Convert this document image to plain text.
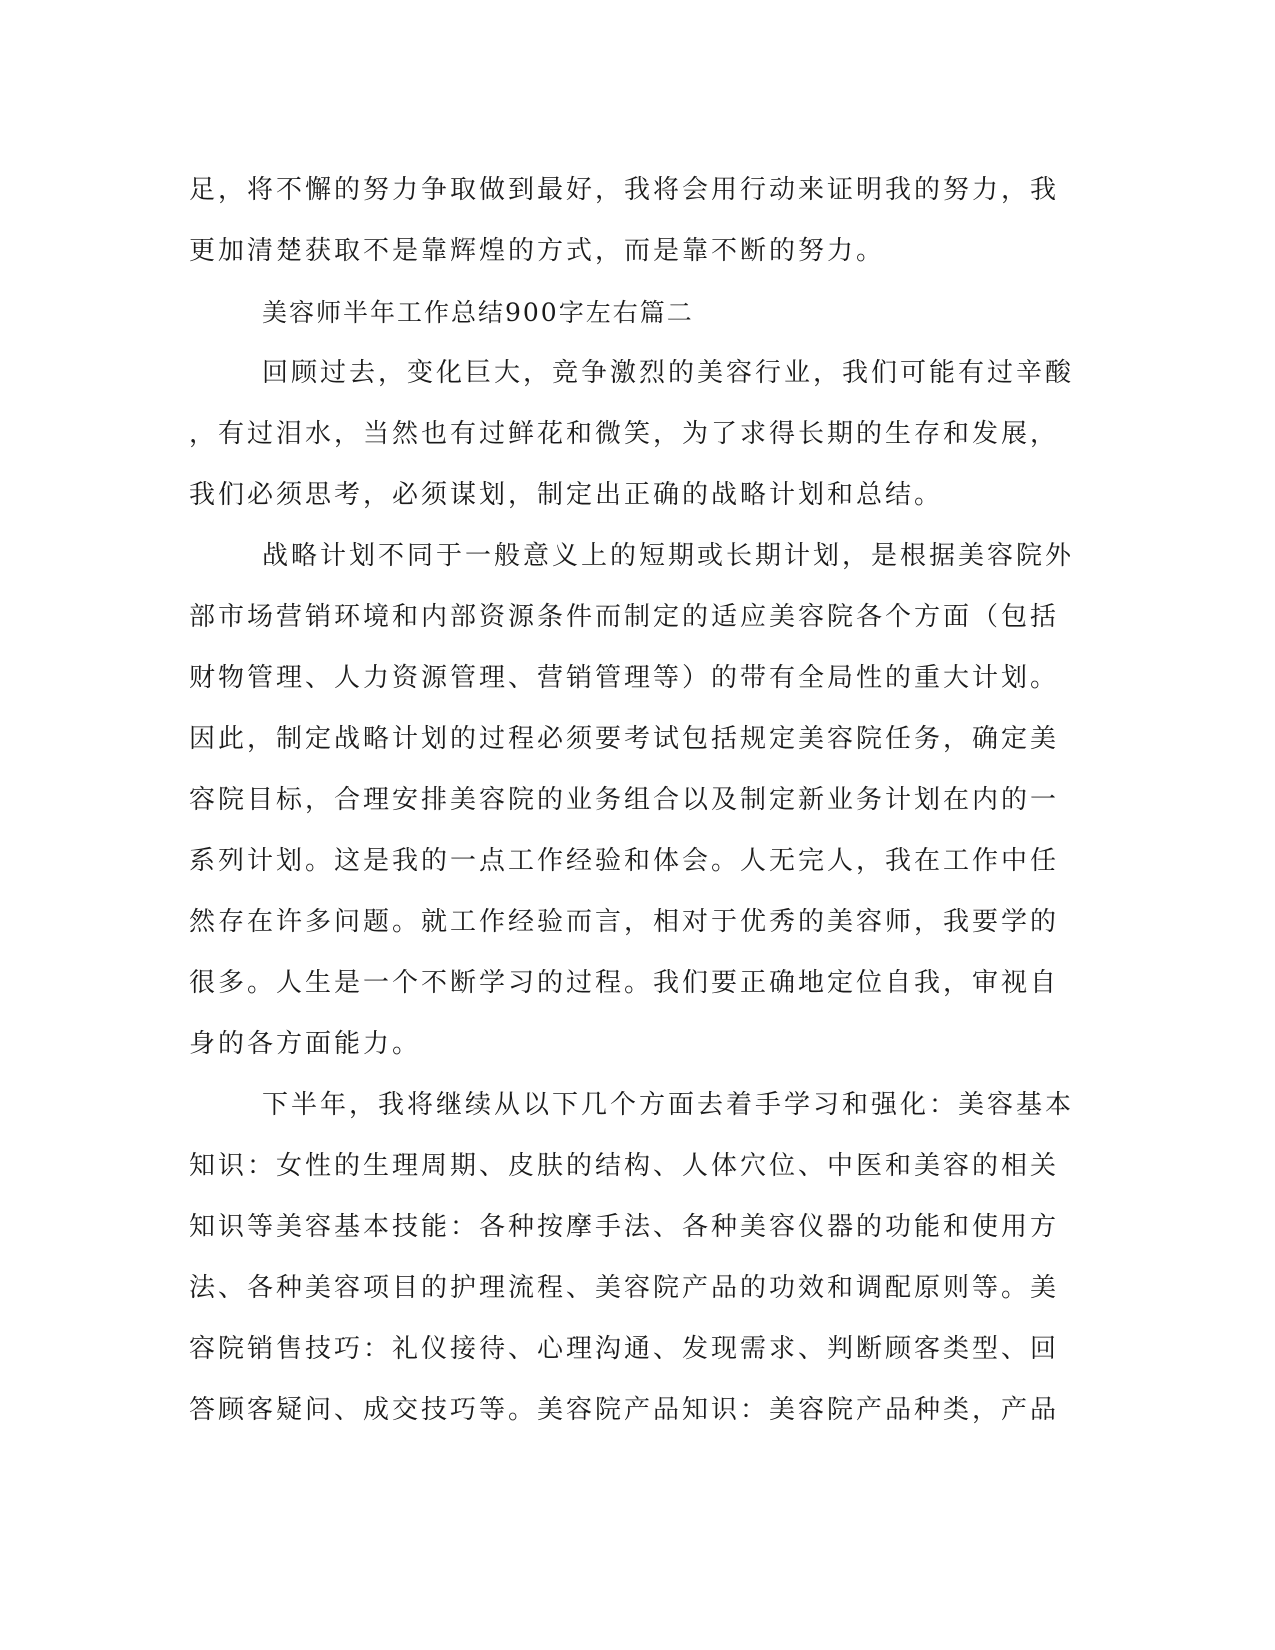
足，将不懈的努力争取做到最好，我将会用行动来证明我的努力，我
更加清楚获取不是靠辉煌的方式，而是靠不断的努力。
美容师半年工作总结900字左右篇二
回顾过去，变化巨大，竞争激烈的美容行业，我们可能有过辛酸
，有过泪水，当然也有过鲜花和微笑，为了求得长期的生存和发展，
我们必须思考，必须谋划，制定出正确的战略计划和总结。
战略计划不同于一般意义上的短期或长期计划，是根据美容院外
部市场营销环境和内部资源条件而制定的适应美容院各个方面（包括
财物管理、人力资源管理、营销管理等）的带有全局性的重大计划。
因此，制定战略计划的过程必须要考试包括规定美容院任务，确定美
容院目标，合理安排美容院的业务组合以及制定新业务计划在内的一
系列计划。这是我的一点工作经验和体会。人无完人，我在工作中任
然存在许多问题。就工作经验而言，相对于优秀的美容师，我要学的
很多。人生是一个不断学习的过程。我们要正确地定位自我，审视自
身的各方面能力。
下半年，我将继续从以下几个方面去着手学习和强化：美容基本
知识：女性的生理周期、皮肤的结构、人体穴位、中医和美容的相关
知识等美容基本技能：各种按摩手法、各种美容仪器的功能和使用方
法、各种美容项目的护理流程、美容院产品的功效和调配原则等。美
容院销售技巧：礼仪接待、心理沟通、发现需求、判断顾客类型、回
答顾客疑问、成交技巧等。美容院产品知识：美容院产品种类，产品
